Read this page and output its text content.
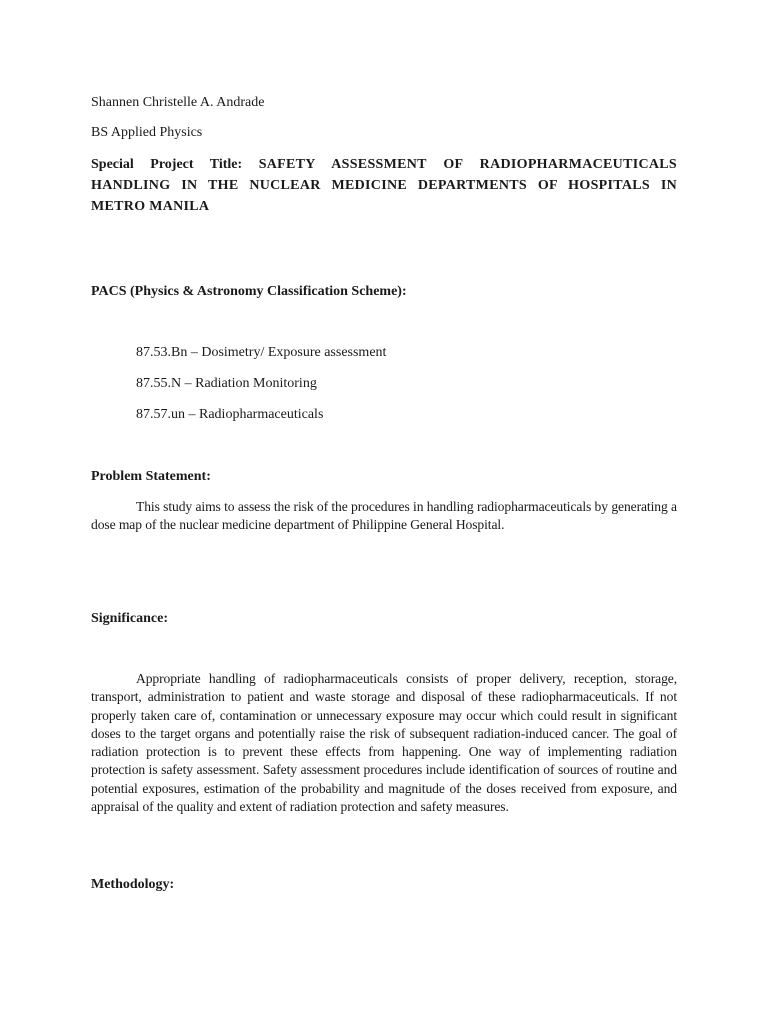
Shannen Christelle A. Andrade
BS Applied Physics
Special Project Title: SAFETY ASSESSMENT OF RADIOPHARMACEUTICALS HANDLING IN THE NUCLEAR MEDICINE DEPARTMENTS OF HOSPITALS IN METRO MANILA
PACS (Physics & Astronomy Classification Scheme):
87.53.Bn – Dosimetry/ Exposure assessment
87.55.N – Radiation Monitoring
87.57.un – Radiopharmaceuticals
Problem Statement:
This study aims to assess the risk of the procedures in handling radiopharmaceuticals by generating a dose map of the nuclear medicine department of Philippine General Hospital.
Significance:
Appropriate handling of radiopharmaceuticals consists of proper delivery, reception, storage, transport, administration to patient and waste storage and disposal of these radiopharmaceuticals. If not properly taken care of, contamination or unnecessary exposure may occur which could result in significant doses to the target organs and potentially raise the risk of subsequent radiation-induced cancer. The goal of radiation protection is to prevent these effects from happening. One way of implementing radiation protection is safety assessment. Safety assessment procedures include identification of sources of routine and potential exposures, estimation of the probability and magnitude of the doses received from exposure, and appraisal of the quality and extent of radiation protection and safety measures.
Methodology:
